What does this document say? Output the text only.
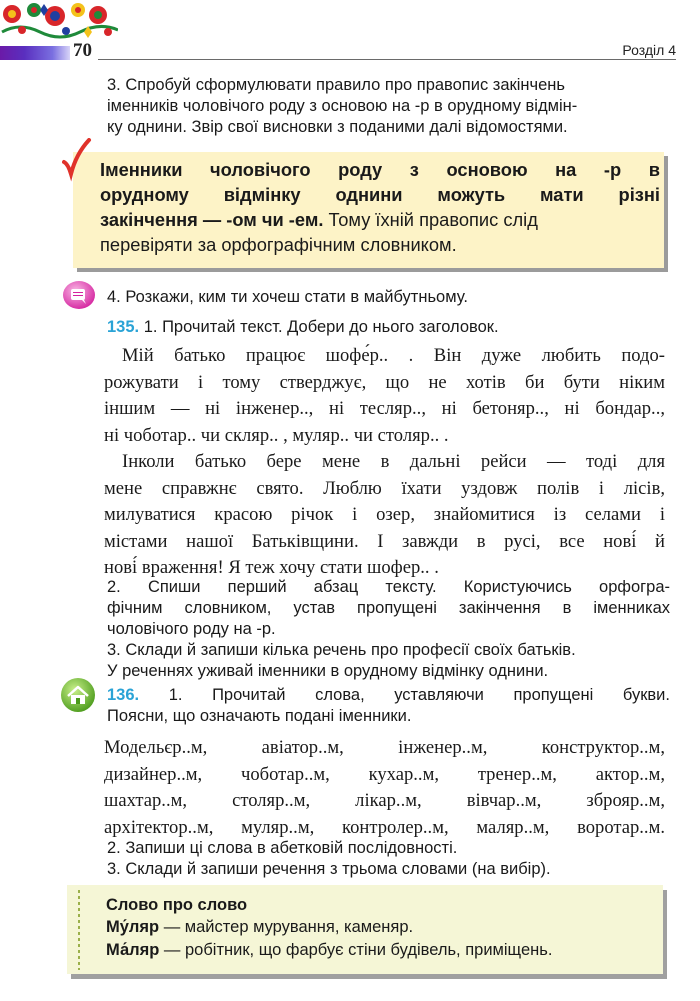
70	Розділ 4
3. Спробуй сформулювати правило про правопис закінчень
іменників чоловічого роду з основою на -р в орудному відмін-
ку однини. Звір свої висновки з поданими далі відомостями.
Іменники чоловічого роду з основою на -р в
орудному відмінку однини можуть мати різні
закінчення — -ом чи -ем. Тому їхній правопис слід
перевіряти за орфографічним словником.
4. Розкажи, ким ти хочеш стати в майбутньому.
135. 1. Прочитай текст. Добери до нього заголовок.
Мій батько працює шофе́р.. . Він дуже любить подо-
рожувати і тому стверджує, що не хотів би бути ніким
іншим — ні інженер.., ні тесляр.., ні бетоняр.., ні бондар..,
ні чоботар.. чи скляр.. , муляр.. чи столяр.. .
Інколи батько бере мене в дальні рейси — тоді для
мене справжнє свято. Люблю їхати уздовж полів і лісів,
милуватися красою річок і озер, знайомитися із селами і
містами нашої Батьківщини. І завжди в русі, все нові́ й
нові́ враження! Я теж хочу стати шофер.. .
2. Спиши перший абзац тексту. Користуючись орфогра-
фічним словником, устав пропущені закінчення в іменниках
чоловічого роду на -р.
3. Склади й запиши кілька речень про професії своїх батьків.
У реченнях уживай іменники в орудному відмінку однини.
136. 1. Прочитай слова, уставляючи пропущені букви.
Поясни, що означають подані іменники.
Модельєр..м, авіатор..м, інженер..м, конструктор..м,
дизайнер..м, чоботар..м, кухар..м, тренер..м, актор..м,
шахтар..м, столяр..м, лікар..м, вівчар..м, зброяр..м,
архітектор..м, муляр..м, контролер..м, маляр..м, воротар..м.
2. Запиши ці слова в абетковій послідовності.
3. Склади й запиши речення з трьома словами (на вибір).
Слово про слово
Му́ляр — майстер мурування, каменяр.
Ма́ляр — робітник, що фарбує стіни будівель, приміщень.
